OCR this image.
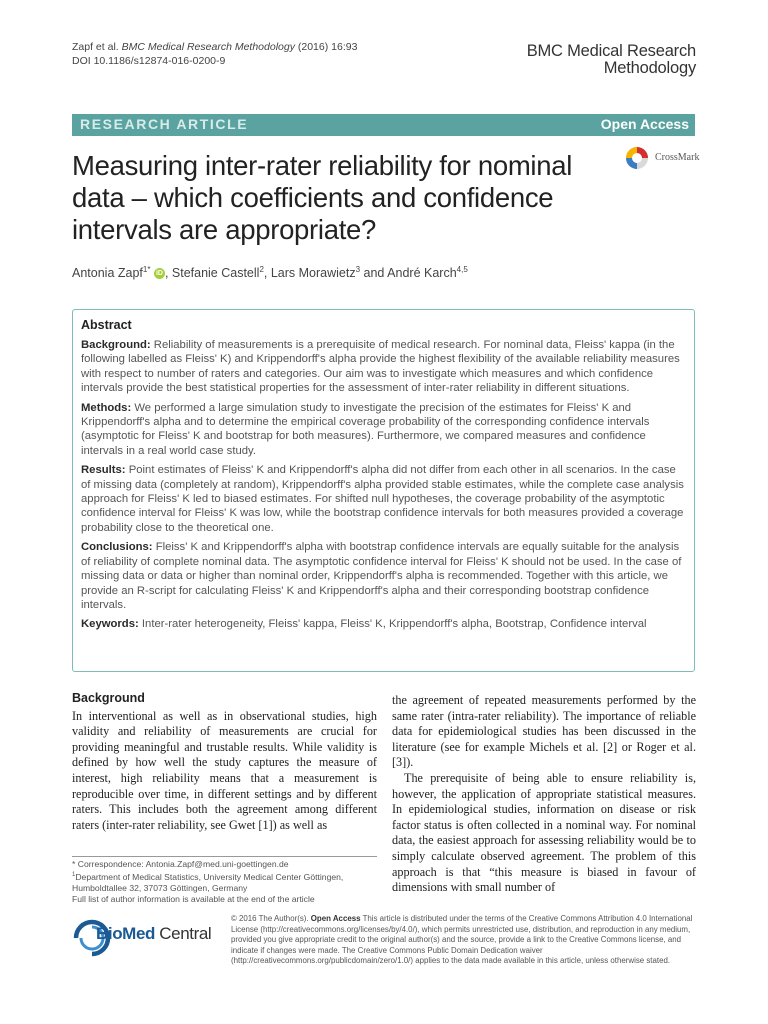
Zapf et al. BMC Medical Research Methodology (2016) 16:93
DOI 10.1186/s12874-016-0200-9
BMC Medical Research
Methodology
RESEARCH ARTICLE	Open Access
Measuring inter-rater reliability for nominal data – which coefficients and confidence intervals are appropriate?
CrossMark
Antonia Zapf$^{1*}$ iD , Stefanie Castell$^2$, Lars Morawietz$^3$ and André Karch$^{4,5}$
Abstract

Background: Reliability of measurements is a prerequisite of medical research. For nominal data, Fleiss' kappa (in the following labelled as Fleiss' K) and Krippendorff's alpha provide the highest flexibility of the available reliability measures with respect to number of raters and categories. Our aim was to investigate which measures and which confidence intervals provide the best statistical properties for the assessment of inter-rater reliability in different situations.

Methods: We performed a large simulation study to investigate the precision of the estimates for Fleiss' K and Krippendorff's alpha and to determine the empirical coverage probability of the corresponding confidence intervals (asymptotic for Fleiss' K and bootstrap for both measures). Furthermore, we compared measures and confidence intervals in a real world case study.

Results: Point estimates of Fleiss' K and Krippendorff's alpha did not differ from each other in all scenarios. In the case of missing data (completely at random), Krippendorff's alpha provided stable estimates, while the complete case analysis approach for Fleiss' K led to biased estimates. For shifted null hypotheses, the coverage probability of the asymptotic confidence interval for Fleiss' K was low, while the bootstrap confidence intervals for both measures provided a coverage probability close to the theoretical one.

Conclusions: Fleiss' K and Krippendorff's alpha with bootstrap confidence intervals are equally suitable for the analysis of reliability of complete nominal data. The asymptotic confidence interval for Fleiss' K should not be used. In the case of missing data or data or higher than nominal order, Krippendorff's alpha is recommended. Together with this article, we provide an R-script for calculating Fleiss' K and Krippendorff's alpha and their corresponding bootstrap confidence intervals.

Keywords: Inter-rater heterogeneity, Fleiss' kappa, Fleiss' K, Krippendorff's alpha, Bootstrap, Confidence interval

Background

In interventional as well as in observational studies, high validity and reliability of measurements are crucial for providing meaningful and trustable results. While validity is defined by how well the study captures the measure of interest, high reliability means that a measurement is reproducible over time, in different settings and by different raters. This includes both the agreement among different raters (inter-rater reliability, see Gwet [1]) as well as

the agreement of repeated measurements performed by the same rater (intra-rater reliability). The importance of reliable data for epidemiological studies has been discussed in the literature (see for example Michels et al. [2] or Roger et al. [3]).

The prerequisite of being able to ensure reliability is, however, the application of appropriate statistical measures. In epidemiological studies, information on disease or risk factor status is often collected in a nominal way. For nominal data, the easiest approach for assessing reliability would be to simply calculate observed agreement. The problem of this approach is that “this measure is biased in favour of dimensions with small number of

* Correspondence: Antonia.Zapf@med.uni-goettingen.de
$^1$Department of Medical Statistics, University Medical Center Göttingen, Humboldtallee 32, 37073 Göttingen, Germany
Full list of author information is available at the end of the article
BioMed Central
© 2016 The Author(s). Open Access This article is distributed under the terms of the Creative Commons Attribution 4.0 International License (http://creativecommons.org/licenses/by/4.0/), which permits unrestricted use, distribution, and reproduction in any medium, provided you give appropriate credit to the original author(s) and the source, provide a link to the Creative Commons license, and indicate if changes were made. The Creative Commons Public Domain Dedication waiver (http://creativecommons.org/publicdomain/zero/1.0/) applies to the data made available in this article, unless otherwise stated.
